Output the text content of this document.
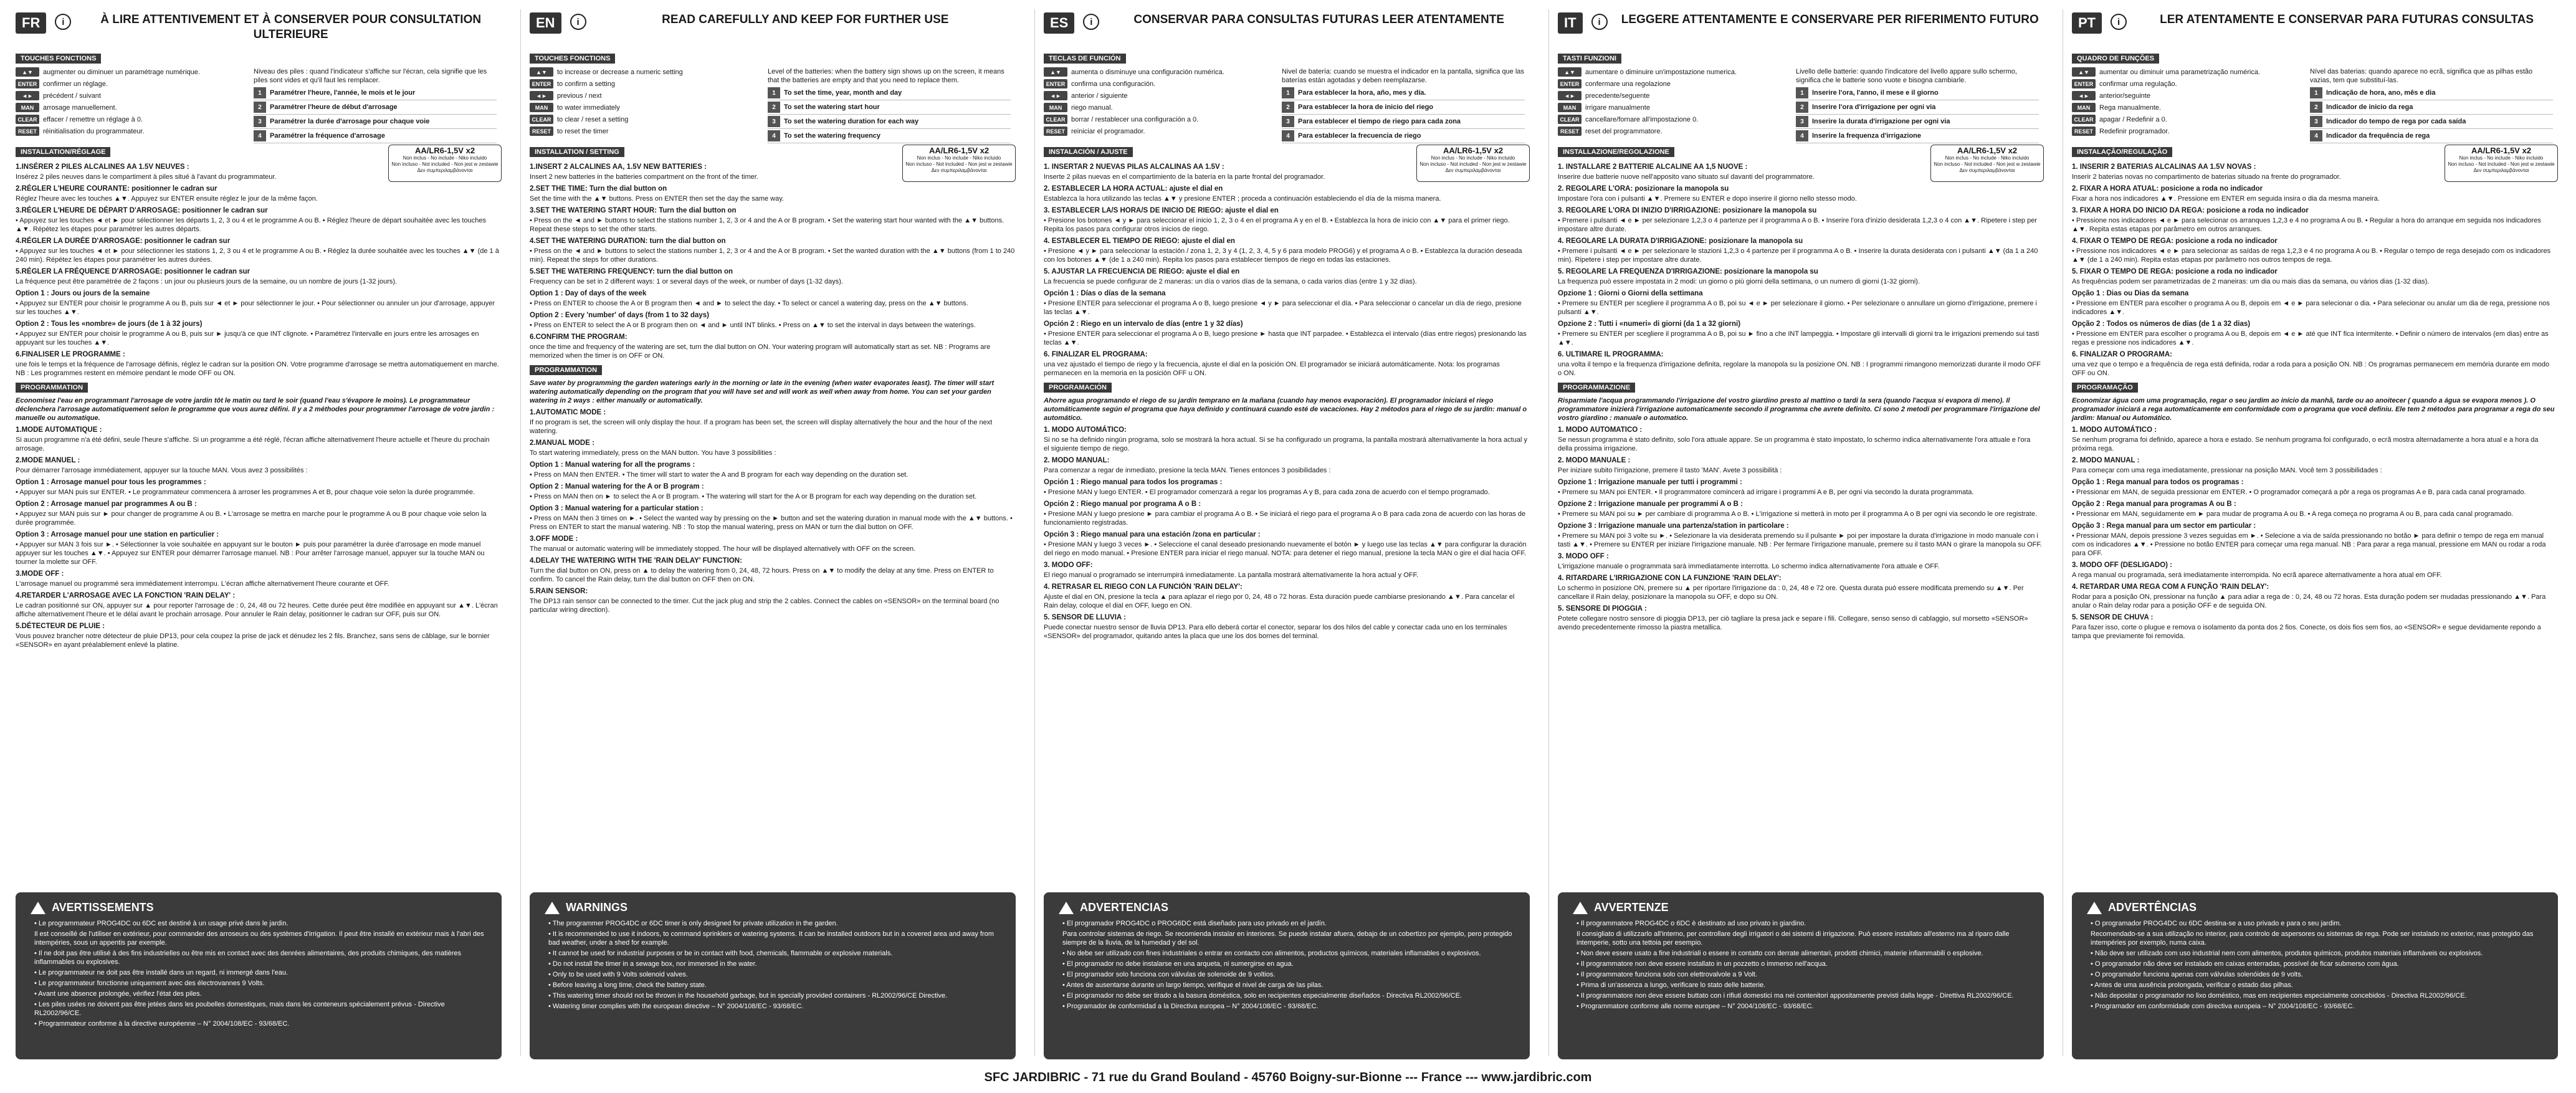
FR	i	À LIRE ATTENTIVEMENT ET À CONSERVER POUR CONSULTATION ULTERIEURE
TOUCHES FONCTIONS
▲▼	augmenter ou diminuer un paramétrage numérique.
ENTER confirmer un réglage.
◄►	précédent / suivant
MAN	arrosage manuellement.
CLEAR effacer / remettre un réglage à 0.
RESET réinitialisation du programmateur.
Niveau des piles : quand l'indicateur s'affiche sur l'écran, cela signifie que les piles sont vides et qu'il faut les remplacer.
1	Paramétrer l'heure, l'année, le mois et le jour
2	Paramétrer l'heure de début d'arrosage
3	Paramétrer la durée d'arrosage pour chaque voie
4	Paramétrer la fréquence d'arrosage
INSTALLATION/RÉGLAGE	AA/LR6-1,5V x2
Non inclus - No include - Niko incluido
Non incluso - Not included - Non jest w zestawie
Δεν συμπεριλαμβάνονται
1.INSÉRER 2 PILES ALCALINES AA 1.5V NEUVES :
Insérez 2 piles neuves dans le compartiment à piles situé à l'avant du programmateur.
2.RÉGLER L'HEURE COURANTE: positionner le cadran sur
Réglez l'heure avec les touches ▲▼. Appuyez sur ENTER ensuite réglez le jour de la même façon.
3.RÉGLER L'HEURE DE DÉPART D'ARROSAGE: positionner le cadran sur
• Appuyez sur les touches ◄ et ► pour sélectionner les départs 1, 2, 3 ou 4 et le programme A ou B. • Réglez l'heure de départ souhaitée avec les touches ▲▼. Répétez les étapes pour paramétrer les autres départs.
4.RÉGLER LA DURÉE D'ARROSAGE: positionner le cadran sur
• Appuyez sur les touches ◄ et ► pour sélectionner les stations 1, 2, 3 ou 4 et le programme A ou B. • Réglez la durée souhaitée avec les touches ▲▼ (de 1 à 240 min). Répétez les étapes pour paramétrer les autres durées.
5.RÉGLER LA FRÉQUENCE D'ARROSAGE: positionner le cadran sur
La fréquence peut être paramétrée de 2 façons : un jour ou plusieurs jours de la semaine, ou un nombre de jours (1-32 jours).
Option 1 : Jours ou jours de la semaine
• Appuyez sur ENTER pour choisir le programme A ou B, puis sur ◄ et ► pour sélectionner le jour. • Pour sélectionner ou annuler un jour d'arrosage, appuyer sur les touches ▲▼.
Option 2 : Tous les «nombre» de jours (de 1 à 32 jours)
• Appuyez sur ENTER pour choisir le programme A ou B, puis sur ► jusqu'à ce que INT clignote. • Paramétrez l'intervalle en jours entre les arrosages en appuyant sur les touches ▲▼.
6.FINALISER LE PROGRAMME :
une fois le temps et la fréquence de l'arrosage définis, réglez le cadran sur la position ON. Votre programme d'arrosage se mettra automatiquement en marche. NB : Les programmes restent en mémoire pendant le mode OFF ou ON.
PROGRAMMATION
Economisez l'eau en programmant l'arrosage de votre jardin tôt le matin ou tard le soir (quand l'eau s'évapore le moins). Le programmateur déclenchera l'arrosage automatiquement selon le programme que vous aurez défini. Il y a 2 méthodes pour programmer l'arrosage de votre jardin : manuelle ou automatique.
1.MODE AUTOMATIQUE :
Si aucun programme n'a été défini, seule l'heure s'affiche. Si un programme a été réglé, l'écran affiche alternativement l'heure actuelle et l'heure du prochain arrosage.
2.MODE MANUEL :
Pour démarrer l'arrosage immédiatement, appuyer sur la touche MAN. Vous avez 3 possibilités :
Option 1 : Arrosage manuel pour tous les programmes :
• Appuyer sur MAN puis sur ENTER. • Le programmateur commencera à arroser les programmes A et B, pour chaque voie selon la durée programmée.
Option 2 : Arrosage manuel par programmes A ou B :
• Appuyez sur MAN puis sur ► pour changer de programme A ou B. • L'arrosage se mettra en marche pour le programme A ou B pour chaque voie selon la durée programmée.
Option 3 : Arrosage manuel pour une station en particulier :
• Appuyer sur MAN 3 fois sur ►. • Sélectionner la voie souhaitée en appuyant sur le bouton ► puis pour paramétrer la durée d'arrosage en mode manuel appuyer sur les touches ▲▼. • Appuyez sur ENTER pour démarrer l'arrosage manuel. NB : Pour arrêter l'arrosage manuel, appuyer sur la touche MAN ou tourner la molette sur OFF.
3.MODE OFF :
L'arrosage manuel ou programmé sera immédiatement interrompu. L'écran affiche alternativement l'heure courante et OFF.
4.RETARDER L'ARROSAGE AVEC LA FONCTION 'RAIN DELAY' :
Le cadran positionné sur ON, appuyer sur ▲ pour reporter l'arrosage de : 0, 24, 48 ou 72 heures. Cette durée peut être modifiée en appuyant sur ▲▼. L'écran affiche alternativement l'heure et le délai avant le prochain arrosage. Pour annuler le Rain delay, positionner le cadran sur OFF, puis sur ON.
5.DÉTECTEUR DE PLUIE :
Vous pouvez brancher notre détecteur de pluie DP13, pour cela coupez la prise de jack et dénudez les 2 fils. Branchez, sans sens de câblage, sur le bornier «SENSOR» en ayant préalablement enlevé la platine.
AVERTISSEMENTS
• Le programmateur PROG4DC ou 6DC est destiné à un usage privé dans le jardin.
Il est conseillé de l'utiliser en extérieur, pour commander des arroseurs ou des systèmes d'irrigation. Il peut être installé en extérieur mais à l'abri des intempéries, sous un appentis par exemple.
• Il ne doit pas être utilisé à des fins industrielles ou être mis en contact avec des denrées alimentaires, des produits chimiques, des matières inflammables ou explosives.
• Le programmateur ne doit pas être installé dans un regard, ni immergé dans l'eau.
• Le programmateur fonctionne uniquement avec des électrovannes 9 Volts.
• Avant une absence prolongée, vérifiez l'état des piles.
• Les piles usées ne doivent pas être jetées dans les poubelles domestiques, mais dans les conteneurs spécialement prévus - Directive RL2002/96/CE.
• Programmateur conforme à la directive européenne – N° 2004/108/EC - 93/68/EC.
EN	i	READ CAREFULLY AND KEEP FOR FURTHER USE
TOUCHES FONCTIONS
▲▼	to increase or decrease a numeric setting
ENTER to confirm a setting
◄►	previous / next
MAN	to water immediately
CLEAR to clear / reset a setting
RESET to reset the timer
Level of the batteries: when the battery sign shows up on the screen, it means that the batteries are empty and that you need to replace them.
1	To set the time, year, month and day
2	To set the watering start hour
3	To set the watering duration for each way
4	To set the watering frequency
INSTALLATION / SETTING	AA/LR6-1,5V x2
Non inclus - No include - Niko incluido
Non incluso - Not included - Non jest w zestawie
Δεν συμπεριλαμβάνονται
1.INSERT 2 ALCALINES AA, 1.5V NEW BATTERIES :
Insert 2 new batteries in the batteries compartment on the front of the timer.
2.SET THE TIME: Turn the dial button on
Set the time with the ▲▼ buttons. Press on ENTER then set the day the same way.
3.SET THE WATERING START HOUR: Turn the dial button on
• Press on the ◄ and ► buttons to select the stations number 1, 2, 3 or 4 and the A or B program. • Set the watering start hour wanted with the ▲▼ buttons. Repeat these steps to set the other starts.
4.SET THE WATERING DURATION: turn the dial button on
• Press on the ◄ and ► buttons to select the stations number 1, 2, 3 or 4 and the A or B program. • Set the wanted duration with the ▲▼ buttons (from 1 to 240 min). Repeat the steps for other durations.
5.SET THE WATERING FREQUENCY: turn the dial button on
Frequency can be set in 2 different ways: 1 or several days of the week, or number of days (1-32 days).
Option 1 : Day of days of the week
• Press on ENTER to choose the A or B program then ◄ and ► to select the day. • To select or cancel a watering day, press on the ▲▼ buttons.
Option 2 : Every 'number' of days (from 1 to 32 days)
• Press on ENTER to select the A or B program then on ◄ and ► until INT blinks. • Press on ▲▼ to set the interval in days between the waterings.
6.CONFIRM THE PROGRAM:
once the time and frequency of the watering are set, turn the dial button on ON. Your watering program will automatically start as set. NB : Programs are memorized when the timer is on OFF or ON.
PROGRAMMATION
Save water by programming the garden waterings early in the morning or late in the evening (when water evaporates least). The timer will start watering automatically depending on the program that you will have set and will work as well when away from home. You can set your garden watering in 2 ways : either manually or automatically.
1.AUTOMATIC MODE :
If no program is set, the screen will only display the hour. If a program has been set, the screen will display alternatively the hour and the hour of the next watering.
2.MANUAL MODE :
To start watering immediately, press on the MAN button. You have 3 possibilities :
Option 1 : Manual watering for all the programs :
• Press on MAN then ENTER. • The timer will start to water the A and B program for each way depending on the duration set.
Option 2 : Manual watering for the A or B program :
• Press on MAN then on ► to select the A or B program. • The watering will start for the A or B program for each way depending on the duration set.
Option 3 : Manual watering for a particular station :
• Press on MAN then 3 times on ►. • Select the wanted way by pressing on the ► button and set the watering duration in manual mode with the ▲▼ buttons. • Press on ENTER to start the manual watering. NB : To stop the manual watering, press on MAN or turn the dial button on OFF.
3.OFF MODE :
The manual or automatic watering will be immediately stopped. The hour will be displayed alternatively with OFF on the screen.
4.DELAY THE WATERING WITH THE 'RAIN DELAY' FUNCTION:
Turn the dial button on ON, press on ▲ to delay the watering from 0, 24, 48, 72 hours. Press on ▲▼ to modify the delay at any time. Press on ENTER to confirm. To cancel the Rain delay, turn the dial button on OFF then on ON.
5.RAIN SENSOR:
The DP13 rain sensor can be connected to the timer. Cut the jack plug and strip the 2 cables. Connect the cables on «SENSOR» on the terminal board (no particular wiring direction).
WARNINGS
• The programmer PROG4DC or 6DC timer is only designed for private utilization in the garden.
• It is recommended to use it indoors, to command sprinklers or watering systems. It can be installed outdoors but in a covered area and away from bad weather, under a shed for example.
• It cannot be used for industrial purposes or be in contact with food, chemicals, flammable or explosive materials.
• Do not install the timer in a sewage box, nor immersed in the water.
• Only to be used with 9 Volts solenoid valves.
• Before leaving a long time, check the battery state.
• This watering timer should not be thrown in the household garbage, but in specially provided containers - RL2002/96/CE Directive.
• Watering timer complies with the european directive – N° 2004/108/EC - 93/68/EC.
ES	i	CONSERVAR PARA CONSULTAS FUTURAS LEER ATENTAMENTE
TECLAS DE FUNCIÓN
▲▼	aumenta o disminuye una configuración numérica.
ENTER confirma una configuración.
◄►	anterior / siguiente
MAN	riego manual.
CLEAR borrar / restablecer una configuración a 0.
RESET reiniciar el programador.
Nivel de batería: cuando se muestra el indicador en la pantalla, significa que las baterías están agotadas y deben reemplazarse.
1	Para establecer la hora, año, mes y día.
2	Para establecer la hora de inicio del riego
3	Para establecer el tiempo de riego para cada zona
4	Para establecer la frecuencia de riego
INSTALACIÓN / AJUSTE	AA/LR6-1,5V x2
Non inclus - No include - Niko incluido
Non incluso - Not included - Non jest w zestawie
Δεν συμπεριλαμβάνονται
1. INSERTAR 2 NUEVAS PILAS ALCALINAS AA 1.5V :
Inserte 2 pilas nuevas en el compartimiento de la batería en la parte frontal del programador.
2. ESTABLECER LA HORA ACTUAL: ajuste el dial en
Establezca la hora utilizando las teclas ▲▼ y presione ENTER ; proceda a continuación estableciendo el día de la misma manera.
3. ESTABLECER LA/S HORA/S DE INICIO DE RIEGO: ajuste el dial en
• Presione los botones ◄ y ► para seleccionar el inicio 1, 2, 3 o 4 en el programa A y en el B. • Establezca la hora de inicio con ▲▼ para el primer riego. Repita los pasos para configurar otros inicios de riego.
4. ESTABLECER EL TIEMPO DE RIEGO: ajuste el dial en
• Presione ◄ y ► para seleccionar la estación / zona 1, 2, 3 y 4 (1, 2, 3, 4, 5 y 6 para modelo PROG6) y el programa A o B. • Establezca la duración deseada con los botones ▲▼ (de 1 a 240 min). Repita los pasos para establecer tiempos de riego en todas las estaciones.
5. AJUSTAR LA FRECUENCIA DE RIEGO: ajuste el dial en
La frecuencia se puede configurar de 2 maneras: un día o varios días de la semana, o cada varios días (entre 1 y 32 días).
Opción 1 : Días o días de la semana
• Presione ENTER para seleccionar el programa A o B, luego presione ◄ y ► para seleccionar el día. • Para seleccionar o cancelar un día de riego, presione las teclas ▲▼.
Opción 2 : Riego en un intervalo de días (entre 1 y 32 días)
• Presione ENTER para seleccionar el programa A o B, luego presione ► hasta que INT parpadee. • Establezca el intervalo (días entre riegos) presionando las teclas ▲▼.
6. FINALIZAR EL PROGRAMA:
una vez ajustado el tiempo de riego y la frecuencia, ajuste el dial en la posición ON. El programador se iniciará automáticamente. Nota: los programas permanecen en la memoria en la posición OFF u ON.
PROGRAMACIÓN
Ahorre agua programando el riego de su jardín temprano en la mañana (cuando hay menos evaporación). El programador iniciará el riego automáticamente según el programa que haya definido y continuará cuando esté de vacaciones. Hay 2 métodos para el riego de su jardín: manual o automático.
1. MODO AUTOMÁTICO:
Si no se ha definido ningún programa, solo se mostrará la hora actual. Si se ha configurado un programa, la pantalla mostrará alternativamente la hora actual y el siguiente tiempo de riego.
2. MODO MANUAL:
Para comenzar a regar de inmediato, presione la tecla MAN. Tienes entonces 3 posibilidades :
Opción 1 : Riego manual para todos los programas :
• Presione MAN y luego ENTER. • El programador comenzará a regar los programas A y B, para cada zona de acuerdo con el tiempo programado.
Opción 2 : Riego manual por programa A o B :
• Presione MAN y luego presione ► para cambiar el programa A o B. • Se iniciará el riego para el programa A o B para cada zona de acuerdo con las horas de funcionamiento registradas.
Opción 3 : Riego manual para una estación /zona en particular :
• Presione MAN y luego 3 veces ►. • Seleccione el canal deseado presionando nuevamente el botón ► y luego use las teclas ▲▼ para configurar la duración del riego en modo manual. • Presione ENTER para iniciar el riego manual. NOTA: para detener el riego manual, presione la tecla MAN o gire el dial hacia OFF.
3. MODO OFF:
El riego manual o programado se interrumpirá inmediatamente. La pantalla mostrará alternativamente la hora actual y OFF.
4. RETRASAR EL RIEGO CON LA FUNCIÓN 'RAIN DELAY':
Ajuste el dial en ON, presione la tecla ▲ para aplazar el riego por 0, 24, 48 o 72 horas. Esta duración puede cambiarse presionando ▲▼. Para cancelar el Rain delay, coloque el dial en OFF, luego en ON.
5. SENSOR DE LLUVIA :
Puede conectar nuestro sensor de lluvia DP13. Para ello deberá cortar el conector, separar los dos hilos del cable y conectar cada uno en los terminales «SENSOR» del programador, quitando antes la placa que une los dos bornes del terminal.
ADVERTENCIAS
• El programador PROG4DC o PROG6DC está diseñado para uso privado en el jardín.
Para controlar sistemas de riego. Se recomienda instalar en interiores. Se puede instalar afuera, debajo de un cobertizo por ejemplo, pero protegido siempre de la lluvia, de la humedad y del sol.
• No debe ser utilizado con fines industriales o entrar en contacto con alimentos, productos químicos, materiales inflamables o explosivos.
• El programador no debe instalarse en una arqueta, ni sumergirse en agua.
• El programador solo funciona con válvulas de solenoide de 9 voltios.
• Antes de ausentarse durante un largo tiempo, verifique el nivel de carga de las pilas.
• El programador no debe ser tirado a la basura doméstica, solo en recipientes especialmente diseñados - Directiva RL2002/96/CE.
• Programador de conformidad a la Directiva europea – N° 2004/108/EC - 93/68/EC.
IT	i	LEGGERE ATTENTAMENTE E CONSERVARE PER RIFERIMENTO FUTURO
TASTI FUNZIONI
▲▼	aumentare o diminuire un'impostazione numerica.
ENTER confermare una regolazione
◄►	precedente/seguente
MAN	irrigare manualmente
CLEAR cancellare/fornare all'impostazione 0.
RESET reset del programmatore.
Livello delle batterie: quando l'indicatore del livello appare sullo schermo, significa che le batterie sono vuote e bisogna cambiarle.
1	Inserire l'ora, l'anno, il mese e il giorno
2	Inserire l'ora d'irrigazione per ogni via
3	Inserire la durata d'irrigazione per ogni via
4	Inserire la frequenza d'irrigazione
INSTALLAZIONE/REGOLAZIONE	AA/LR6-1,5V x2
Non inclus - No include - Niko incluido
Non incluso - Not included - Non jest w zestawie
Δεν συμπεριλαμβάνονται
1. INSTALLARE 2 BATTERIE ALCALINE AA 1,5 NUOVE :
Inserire due batterie nuove nell'apposito vano situato sul davanti del programmatore.
2. REGOLARE L'ORA: posizionare la manopola su
Impostare l'ora con i pulsanti ▲▼. Premere su ENTER e dopo inserire il giorno nello stesso modo.
3. REGOLARE L'ORA DI INIZIO D'IRRIGAZIONE: posizionare la manopola su
• Premere i pulsanti ◄ e ► per selezionare 1,2,3 o 4 partenze per il programma A o B. • Inserire l'ora d'inizio desiderata 1,2,3 o 4 con ▲▼. Ripetere i step per impostare altre durate.
4. REGOLARE LA DURATA D'IRRIGAZIONE: posizionare la manopola su
• Premere i pulsanti ◄ e ► per selezionare le stazioni 1,2,3 o 4 partenze per il programma A o B. • Inserire la durata desiderata con i pulsanti ▲▼ (da 1 a 240 min). Ripetere i step per impostare altre durate.
5. REGOLARE LA FREQUENZA D'IRRIGAZIONE: posizionare la manopola su
La frequenza può essere impostata in 2 modi: un giorno o più giorni della settimana, o un numero di giorni (1-32 giorni).
Opzione 1 : Giorni o Giorni della settimana
• Premere su ENTER per scegliere il programma A o B, poi su ◄ e ► per selezionare il giorno. • Per selezionare o annullare un giorno d'irrigazione, premere i pulsanti ▲▼.
Opzione 2 : Tutti i «numeri» di giorni (da 1 a 32 giorni)
• Premere su ENTER per scegliere il programma A o B, poi su ► fino a che INT lampeggia. • Impostare gli intervalli di giorni tra le irrigazioni premendo sui tasti ▲▼.
6. ULTIMARE IL PROGRAMMA:
una volta il tempo e la frequenza d'irrigazione definita, regolare la manopola su la posizione ON. NB : I programmi rimangono memorizzati durante il modo OFF o ON.
PROGRAMMAZIONE
Risparmiate l'acqua programmando l'irrigazione del vostro giardino presto al mattino o tardi la sera (quando l'acqua si evapora di meno). Il programmatore inizierà l'irrigazione automaticamente secondo il programma che avrete definito. Ci sono 2 metodi per programmare l'irrigazione del vostro giardino : manuale o automatico.
1. MODO AUTOMATICO :
Se nessun programma è stato definito, solo l'ora attuale appare. Se un programma è stato impostato, lo schermo indica alternativamente l'ora attuale e l'ora della prossima irrigazione.
2. MODO MANUALE :
Per iniziare subito l'irrigazione, premere il tasto 'MAN'. Avete 3 possibilità :
Opzione 1 : Irrigazione manuale per tutti i programmi :
• Premere su MAN poi ENTER. • Il programmatore comincerà ad irrigare i programmi A e B, per ogni via secondo la durata programmata.
Opzione 2 : Irrigazione manuale per programmi A o B :
• Premere su MAN poi su ► per cambiare di programma A o B. • L'irrigazione si metterà in moto per il programma A o B per ogni via secondo le ore registrate.
Opzione 3 : Irrigazione manuale una partenza/station in particolare :
• Premere su MAN poi 3 volte su ►. • Selezionare la via desiderata premendo su il pulsante ► poi per impostare la durata d'irrigazione in modo manuale con i tasti ▲▼. • Premere su ENTER per iniziare l'irrigazione manuale. NB : Per fermare l'irrigazione manuale, premere su il tasto MAN o girare la manopola su OFF.
3. MODO OFF :
L'irrigazione manuale o programmata sarà immediatamente interrotta. Lo schermo indica alternativamente l'ora attuale e OFF.
4. RITARDARE L'IRRIGAZIONE CON LA FUNZIONE 'RAIN DELAY':
Lo schermo in posizione ON, premere su ▲ per riportare l'irrigazione da : 0, 24, 48 e 72 ore. Questa durata può essere modificata premendo su ▲▼. Per cancellare il Rain delay, posizionare la manopola su OFF, e dopo su ON.
5. SENSORE DI PIOGGIA :
Potete collegare nostro sensore di pioggia DP13, per ciò tagliare la presa jack e separe i fili. Collegare, senso senso di cablaggio, sul morsetto «SENSOR» avendo precedentemente rimosso la piastra metallica.
AVVERTENZE
• Il programmatore PROG4DC o 6DC è destinato ad uso privato in giardino.
Il consigliato di utilizzarlo all'interno, per controllare degli irrigatori o dei sistemi di irrigazione. Può essere installato all'esterno ma al riparo dalle intemperie, sotto una tettoia per esempio.
• Non deve essere usato a fine industriali o essere in contatto con derrate alimentari, prodotti chimici, materie infiammabili o esplosive.
• Il programmatore non deve essere installato in un pozzetto o immerso nell'acqua.
• Il programmatore funziona solo con elettrovalvole a 9 Volt.
• Prima di un'assenza a lungo, verificare lo stato delle batterie.
• Il programmatore non deve essere buttato con i rifiuti domestici ma nei contenitori appositamente previsti dalla legge - Direttiva RL2002/96/CE.
• Programmatore conforme alle norme europee – N° 2004/108/EC - 93/68/EC.
PT	i	LER ATENTAMENTE E CONSERVAR PARA FUTURAS CONSULTAS
QUADRO DE FUNÇÕES
▲▼	aumentar ou diminuir uma parametrização numérica.
ENTER confirmar uma regulação.
◄►	anterior/seguinte
MAN	Rega manualmente.
CLEAR apagar / Redefinir a 0.
RESET Redefinir programador.
Nível das baterias: quando aparece no ecrã, significa que as pilhas estão vazias, tem que substituí-las.
1	Indicação de hora, ano, mês e dia
2	Indicador de inicio da rega
3	Indicador do tempo de rega por cada saída
4	Indicador da frequência de rega
INSTALAÇÃO/REGULAÇÃO	AA/LR6-1,5V x2
Non inclus - No include - Niko incluido
Non incluso - Not included - Non jest w zestawie
Δεν συμπεριλαμβάνονται
1. INSERIR 2 BATERIAS ALCALINAS AA 1.5V NOVAS :
Inserir 2 baterias novas no compartimento de baterias situado na frente do programador.
2. FIXAR A HORA ATUAL: posicione a roda no indicador
Fixar a hora nos indicadores ▲▼. Pressione em ENTER em seguida insira o dia da mesma maneira.
3. FIXAR A HORA DO INICIO DA REGA: posicione a roda no indicador
• Pressione nos indicadores ◄ e ► para selecionar os arranques 1,2,3 e 4 no programa A ou B. • Regular a hora do arranque em seguida nos indicadores ▲▼. Repita estas etapas por parâmetro em outros arranques.
4. FIXAR O TEMPO DE REGA: posicione a roda no indicador
• Pressione nos indicadores ◄ e ► para selecionar as saídas de rega 1,2,3 e 4 no programa A ou B. • Regular o tempo de rega desejado com os indicadores ▲▼ (de 1 a 240 min). Repita estas etapas por parâmetro nos outros tempos de rega.
5. FIXAR O TEMPO DE REGA: posicione a roda no indicador
As frequências podem ser parametrizadas de 2 maneiras: um dia ou mais dias da semana, ou vários dias (1-32 dias).
Opção 1 : Dias ou Dias da semana
• Pressione em ENTER para escolher o programa A ou B, depois em ◄ e ► para selecionar o dia. • Para selecionar ou anular um dia de rega, pressione nos indicadores ▲▼.
Opção 2 : Todos os números de dias (de 1 a 32 dias)
• Pressione em ENTER para escolher o programa A ou B, depois em ◄ e ► até que INT fica intermitente. • Definir o número de intervalos (em dias) entre as regas e pressione nos indicadores ▲▼.
6. FINALIZAR O PROGRAMA:
uma vez que o tempo e a frequência de rega está definida, rodar a roda para a posição ON. NB : Os programas permanecem em memória durante em modo OFF ou ON.
PROGRAMAÇÃO
Economizar água com uma programação, regar o seu jardim ao início da manhã, tarde ou ao anoitecer ( quando a água se evapora menos ). O programador iniciará a rega automaticamente em conformidade com o programa que você definiu. Ele tem 2 métodos para programar a rega do seu jardim: Manual ou Automático.
1. MODO AUTOMÁTICO :
Se nenhum programa foi definido, aparece a hora e estado. Se nenhum programa foi configurado, o ecrã mostra alternadamente a hora atual e a hora da próxima rega.
2. MODO MANUAL :
Para começar com uma rega imediatamente, pressionar na posição MAN. Você tem 3 possibilidades :
Opção 1 : Rega manual para todos os programas :
• Pressionar em MAN, de seguida pressionar em ENTER. • O programador começará a pôr a rega os programas A e B, para cada canal programado.
Opção 2 : Rega manual para programas A ou B :
• Pressionar em MAN, seguidamente em ► para mudar de programa A ou B. • A rega começa no programa A ou B, para cada canal programado.
Opção 3 : Rega manual para um sector em particular :
• Pressionar MAN, depois pressione 3 vezes seguidas em ►. • Selecione a via de saída pressionando no botão ► para definir o tempo de rega em manual com os indicadores ▲▼. • Pressione no botão ENTER para começar uma rega manual. NB : Para parar a rega manual, pressione em MAN ou rodar a roda para OFF.
3. MODO OFF (DESLIGADO) :
A rega manual ou programada, será imediatamente interrompida. No ecrã aparece alternativamente a hora atual em OFF.
4. RETARDAR UMA REGA COM A FUNÇÃO 'RAIN DELAY':
Rodar para a posição ON, pressionar na função ▲ para adiar a rega de : 0, 24, 48 ou 72 horas. Esta duração podem ser mudadas pressionando ▲▼. Para anular o Rain delay rodar para a posição OFF e de seguida ON.
5. SENSOR DE CHUVA :
Para fazer isso, corte o plugue e remova o isolamento da ponta dos 2 fios. Conecte, os dois fios sem fios, ao «SENSOR» e segue devidamente repondo a tampa que previamente foi removida.
ADVERTÊNCIAS
• O programador PROG4DC ou 6DC destina-se a uso privado e para o seu jardim.
Recomendado-se a sua utilização no interior, para controlo de aspersores ou sistemas de rega. Pode ser instalado no exterior, mas protegido das intempéries por exemplo, numa caixa.
• Não deve ser utilizado com uso industrial nem com alimentos, produtos químicos, produtos materiais inflamáveis ou explosivos.
• O programador não deve ser instalado em caixas enterradas, possível de ficar submerso com água.
• O programador funciona apenas com válvulas solenóides de 9 volts.
• Antes de uma ausência prolongada, verificar o estado das pilhas.
• Não depositar o programador no lixo doméstico, mas em recipientes especialmente concebidos - Directiva RL2002/96/CE.
• Programador em conformidade com directiva europeia – N° 2004/108/EC - 93/68/EC.
SFC JARDIBRIC - 71 rue du Grand Bouland - 45760 Boigny-sur-Bionne --- France --- www.jardibric.com
